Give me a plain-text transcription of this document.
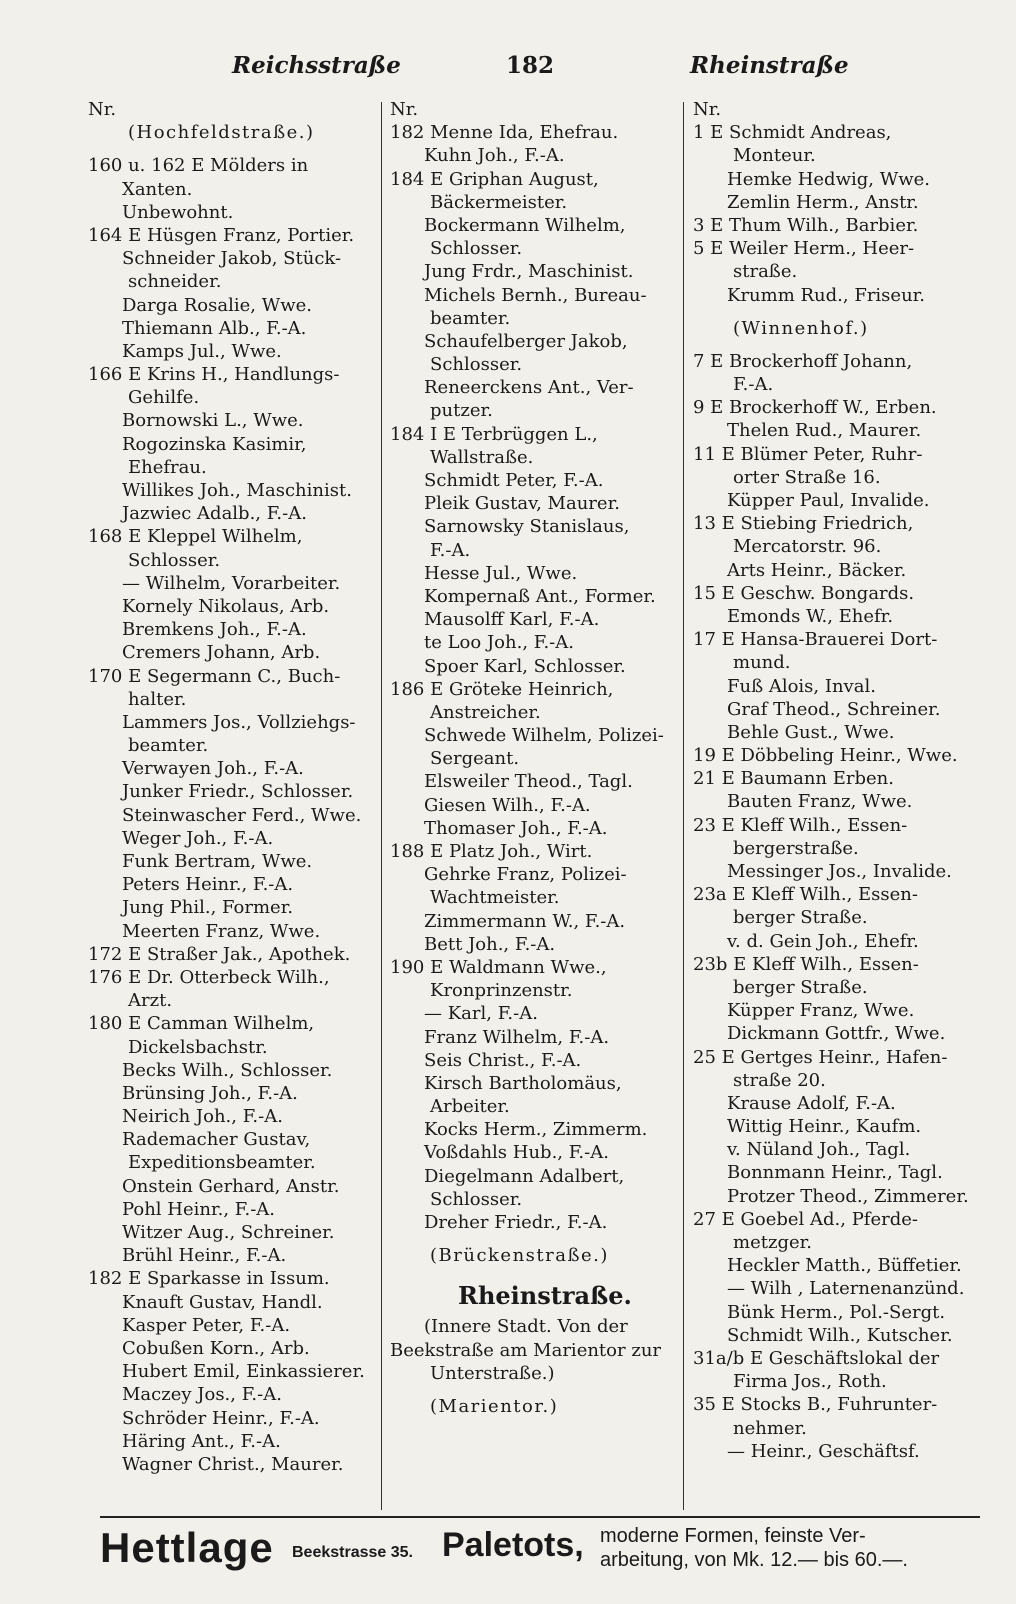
Reichsstraße	182	Rheinstraße
Nr.
(Hochfeldstraße.)
160 u. 162 E Mölders in
Xanten.
Unbewohnt.
164 E Hüsgen Franz, Portier.
Schneider Jakob, Stück-
schneider.
Darga Rosalie, Wwe.
Thiemann Alb., F.-A.
Kamps Jul., Wwe.
166 E Krins H., Handlungs-
Gehilfe.
Bornowski L., Wwe.
Rogozinska Kasimir,
Ehefrau.
Willikes Joh., Maschinist.
Jazwiec Adalb., F.-A.
168 E Kleppel Wilhelm,
Schlosser.
— Wilhelm, Vorarbeiter.
Kornely Nikolaus, Arb.
Bremkens Joh., F.-A.
Cremers Johann, Arb.
170 E Segermann C., Buch-
halter.
Lammers Jos., Vollziehgs-
beamter.
Verwayen Joh., F.-A.
Junker Friedr., Schlosser.
Steinwascher Ferd., Wwe.
Weger Joh., F.-A.
Funk Bertram, Wwe.
Peters Heinr., F.-A.
Jung Phil., Former.
Meerten Franz, Wwe.
172 E Straßer Jak., Apothek.
176 E Dr. Otterbeck Wilh.,
Arzt.
180 E Camman Wilhelm,
Dickelsbachstr.
Becks Wilh., Schlosser.
Brünsing Joh., F.-A.
Neirich Joh., F.-A.
Rademacher Gustav,
Expeditionsbeamter.
Onstein Gerhard, Anstr.
Pohl Heinr., F.-A.
Witzer Aug., Schreiner.
Brühl Heinr., F.-A.
182 E Sparkasse in Issum.
Knauft Gustav, Handl.
Kasper Peter, F.-A.
Cobußen Korn., Arb.
Hubert Emil, Einkassierer.
Maczey Jos., F.-A.
Schröder Heinr., F.-A.
Häring Ant., F.-A.
Wagner Christ., Maurer.
Nr.
182 Menne Ida, Ehefrau.
Kuhn Joh., F.-A.
184 E Griphan August,
Bäckermeister.
Bockermann Wilhelm,
Schlosser.
Jung Frdr., Maschinist.
Michels Bernh., Bureau-
beamter.
Schaufelberger Jakob,
Schlosser.
Reneerckens Ant., Ver-
putzer.
184 I E Terbrüggen L.,
Wallstraße.
Schmidt Peter, F.-A.
Pleik Gustav, Maurer.
Sarnowsky Stanislaus,
F.-A.
Hesse Jul., Wwe.
Kompernaß Ant., Former.
Mausolff Karl, F.-A.
te Loo Joh., F.-A.
Spoer Karl, Schlosser.
186 E Gröteke Heinrich,
Anstreicher.
Schwede Wilhelm, Polizei-
Sergeant.
Elsweiler Theod., Tagl.
Giesen Wilh., F.-A.
Thomaser Joh., F.-A.
188 E Platz Joh., Wirt.
Gehrke Franz, Polizei-
Wachtmeister.
Zimmermann W., F.-A.
Bett Joh., F.-A.
190 E Waldmann Wwe.,
Kronprinzenstr.
— Karl, F.-A.
Franz Wilhelm, F.-A.
Seis Christ., F.-A.
Kirsch Bartholomäus,
Arbeiter.
Kocks Herm., Zimmerm.
Voßdahls Hub., F.-A.
Diegelmann Adalbert,
Schlosser.
Dreher Friedr., F.-A.
(Brückenstraße.)
Rheinstraße.
(Innere Stadt. Von der
Beekstraße am Marientor zur
Unterstraße.)
(Marientor.)
Nr.
1 E Schmidt Andreas,
Monteur.
Hemke Hedwig, Wwe.
Zemlin Herm., Anstr.
3 E Thum Wilh., Barbier.
5 E Weiler Herm., Heer-
straße.
Krumm Rud., Friseur.
(Winnenhof.)
7 E Brockerhoff Johann,
F.-A.
9 E Brockerhoff W., Erben.
Thelen Rud., Maurer.
11 E Blümer Peter, Ruhr-
orter Straße 16.
Küpper Paul, Invalide.
13 E Stiebing Friedrich,
Mercatorstr. 96.
Arts Heinr., Bäcker.
15 E Geschw. Bongards.
Emonds W., Ehefr.
17 E Hansa-Brauerei Dort-
mund.
Fuß Alois, Inval.
Graf Theod., Schreiner.
Behle Gust., Wwe.
19 E Döbbeling Heinr., Wwe.
21 E Baumann Erben.
Bauten Franz, Wwe.
23 E Kleff Wilh., Essen-
bergerstraße.
Messinger Jos., Invalide.
23a E Kleff Wilh., Essen-
berger Straße.
v. d. Gein Joh., Ehefr.
23b E Kleff Wilh., Essen-
berger Straße.
Küpper Franz, Wwe.
Dickmann Gottfr., Wwe.
25 E Gertges Heinr., Hafen-
straße 20.
Krause Adolf, F.-A.
Wittig Heinr., Kaufm.
v. Nüland Joh., Tagl.
Bonnmann Heinr., Tagl.
Protzer Theod., Zimmerer.
27 E Goebel Ad., Pferde-
metzger.
Heckler Matth., Büffetier.
— Wilh , Laternenanzünd.
Bünk Herm., Pol.-Sergt.
Schmidt Wilh., Kutscher.
31a/b E Geschäftslokal der
Firma Jos., Roth.
35 E Stocks B., Fuhrunter-
nehmer.
— Heinr., Geschäftsf.
Hettlage Beekstrasse 35. Paletots, moderne Formen, feinste Ver-
arbeitung, von Mk. 12.— bis 60.—.
